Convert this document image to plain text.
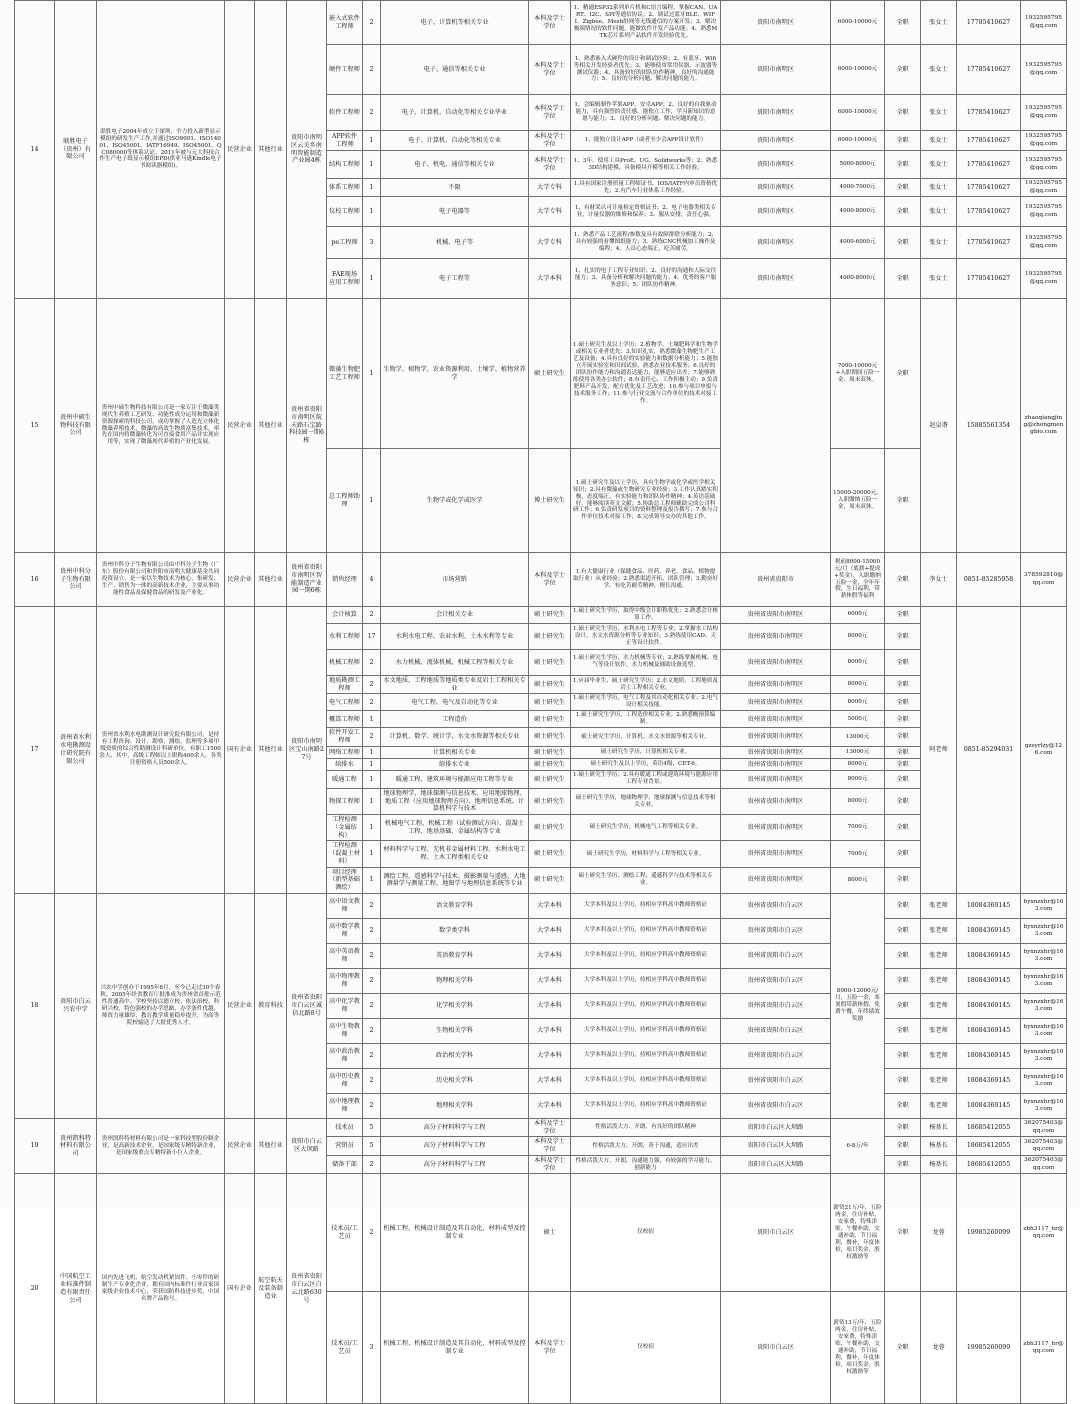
14	联胜电子（贵州）有限公司	联胜电子2004年成立于深圳，全力投入新型显示模组的研发生产工作,并通过ISO9001、ISO14001、ISO45001、IATF16949、ISO45001、QC080000等体系认证。2011年被与元大科技合作生产电子纸显示模组EPD(供亚马逊Kindle电子书阅读器模组)。	民营企业	其他行业	贵阳市南明区云关乡南明智能制造产业园4栋	嵌入式软件工程师	2	电子、计算机等相关专业	本科及学士学位	1、精通ESP32系列单片机和C语言编程，掌握CAN、UART、I2C、SPI等通信协议；2、调试过蓝牙BLE、WIFI、Zigbee、Mesh组网等无线通信的方案开发；3、解决极端情况的软件问题，能做软件开发产品功能；4、熟悉MTK芯片系列产品软件开发经验优先。	贵阳市南明区	6000-10000元	全职	张女士	17785410627	1932595795@qq.com
						硬件工程师	2	电子、通信等相关专业	本科及学士学位	1、熟悉嵌入式硬件的设计和调试经验；2、有蓝牙、Wifi等相关开发经验者优先；3、能够使用常用仪器，示波器等测试仪器；4、具备较好的团队协作精神，良好的沟通能力；5、良好的分析问题、解决问题的能力。	贵阳市南明区	6000-10000元	全职	张女士	17785410627	1932595795@qq.com
						软件工程师	2	电子、计算机、自动化等相关专业毕业	本科及学士学位	1、会编辑制作苹果APP、安卓APP；2、良好的自我驱动能力，具有强烈的责任感，能独立工作，学习新知识的意愿与能力；3、良好的分析问题、解决问题的能力。	贵阳市南明区	6000-10000元	全职	张女士	17785410627	1932595795@qq.com
						APP软件工程师	1	电子、计算机、自动化等相关专业	本科及学士学位	1、能独立设计APP（或者至少会APP设计软件）	贵阳市南明区	6000-10000元	全职	张女士	17785410627	1932595795@qq.com
						结构工程师	1	电子、机电、通信等相关专业	本科及学士学位	1、3年、使用工具ProE、UG、Solidworks等；2、熟悉3D结构建模，具备模具开模等相关工作经验。	贵阳市南明区	5000-8000元	全职	张女士	17785410627	1932595795@qq.com
						体系工程师	1	不限	大学专科	1.具有国家注册质量工程师证书、IOS/IATF内审员资格优先；2.有汽车行业体系工作经验。	贵阳市南明区	4000-7000元	全职	张女士	17785410627	1932595795@qq.com
						仪校工程师	1	电子电器等	大学专科	1、有财采认可计量检定资格证书；2、电子电器类相关专业，计量仪器的维修和保养；3、服从安排，责任心强。	贵阳市南明区	4000-8000元	全职	张女士	17785410627	1932595795@qq.com
						pe工程师	3	机械、电子等	大学专科	1、熟悉产品工艺流程/参数及具有故障排除分析能力；2、具有较强的看懂图纸能力；3、熟练CNC机械加工操作及编程；4、人员心态端正，吃苦耐劳。	贵阳市南明区	4000-6000元	全职	张女士	17785410627	1932595795@qq.com
						FAE现场应用工程师	1	电子工程等	大学本科	1、扎实的电子工程专业知识；2、良好的沟通和人际交往能力；3、具备分析和解决问题的能力；4、优秀的客户服务意识；5、团队协作精神。	贵阳市南明区	4000-8000元	全职	张女士	17785410627	1932595795@qq.com
15	贵州中硕生物科技有限公司	贵州中硕生物科技有限公司是一家专注于微藻类现代生养殖工艺研发、功能性成分运用和微藻新资源探索的科技公司。成功掌握了人造光立体化微藻养殖技术，微藻的高效生物质富集技术，率先在国内将微藻转化为可直接食用产品并实现应用等，实现了微藻现代养殖的产业化发展。	民营企业	其他行业	贵州省贵阳市南明区航天路石宝路科技园一期6栋	微藻生物肥工艺工程师	1	生物学、植物学、农业资源利用、土壤学、植物营养学	硕士研究生	1.硕士研究生及以上学历；2.植物学、土壤肥料学和生物学或相关专业者优先；3.知识扎实，熟悉微藻生物肥生产工艺及设备；4.具有良好的实验能力和数据分析能力；5.能独立开展实验室和田间试验，熟悉农业技术服务；6.良好的团队协作能力和沟通表达能力，能够适应出差；7.能够熟练使用各类办公软件；8.有责任心，工作积极主动；9.负责肥料产品开发、配方优化及工艺改进；10.参与项目申报与技术服务工作；11.参与行业交流与合作单位的技术对接工作。		7000-10000元+入职期间五险一金、周末双休。	全职	赵皇谐	15885561354	zhaoqiangjing@zhongmengbio.com
						总工程师助理	1	生物学或化学或医学	博士研究生	1.硕士研究生及以上学历，具有生物学或化学或医学相关知识；2.具有微藻或生物研究专业经验；3.工作认真踏实积极，态度端正，有实验能力和团队协作精神；4.英语基础好，能够阅读英文文献；5.协助总工程师辅助完成公司科研工作；6.负责研发项目的资料整理及报告撰写；7.参与合作单位技术对接工作；8.完成领导交办的其他工作。		15000-20000元，入职缴纳五险一金，周末双休。	全职			
16	贵州中科分子生物有限公司	贵州中科分子生物有限公司由中科分子生物（广东）股份有限公司和贵阳市南明大健康基金共同投资设立，是一家以生物技术为核心，集研发、生产、销售为一体的高新技术企业，主要从事功能性食品及保健食品的研发及产业化。	民营企业	其他行业	贵州省贵阳市南明区智能制造产业园一期6栋	销售经理	4	市场营销	本科及学士学位	1.有大健康行业（保健食品、医药、养老、食品、植物提取行业）从业经验；2.熟悉渠道开拓、团队管理；3.勤奋好学，有吃苦耐劳精神，擅长沟通。	贵州省贵阳市	税前8000-15000元/月（底薪+提成+奖金），入职缴纳五险一金，全年年假，生日福利，带薪休假等福利	全职	李女士	0851-85285958	378592810@qq.com
17	贵州省水利水电勘测设计研究院有限公司	贵州省水利水电勘测设计研究院有限公司，是持有工程咨询、设计、勘察、测绘、监理等多项甲级资质的综合性勘测设计科研单位，有职工1500余人，其中，高级工程师以上职称400余人，各类注册资格人员500余人。	国有企业	其他行业	贵阳市南明区宝山南路27号	会计核算	2	会计相关专业	硕士研究生	1.硕士研究生学历，取得中级会计职称优先；2.熟悉会计核算工作。	贵州省贵阳市南明区	6000元	全职	阿老师	0851-85294031	gzsyrlzy@126.com
						水利工程师	17	水利水电工程、农业水利、土木水利等专业	硕士研究生	1.硕士研究生学历，水利水电工程等专业；2.掌握水工结构设计、水文水资源分析等专业知识；3.熟练使用CAD、天正等设计软件。	贵州省贵阳市南明区	8000元	全职			
						机械工程师	2	水力机械、流体机械、机械工程等相关专业	硕士研究生	1.硕士研究生学历，水力机械等专业；2.熟练掌握机械、电气等设计软件，水力机械及辅助设备选型。	贵州省贵阳市南明区	8000元	全职			
						地质勘测工程师	2	水文地质、工程地质等地质类专业及岩土工程相关专业	硕士研究生	1.应届毕业生，硕士研究生学历；2.水文地质、工程地质及岩土工程相关专业。	贵州省贵阳市南明区	8000元	全职			
						电气工程师	2	电气工程、电气及自动化等专业	硕士研究生	1.硕士研究生学历，电气工程及其自动化相关专业；2.电气设计相关技能。	贵州省贵阳市南明区	8000元	全职			
						概算工程师	1	工程造价	硕士研究生	1.硕士研究生学历，工程造价相关专业；2.熟悉概预算编制。	贵州省贵阳市南明区	5000元	全职			
						软件开发工程师	2	计算机、数学、统计学、水文水资源等相关专业	硕士研究生	硕士研究生学历，计算机、水文水资源等相关专业。	贵州省贵阳市南明区	13000元	全职			
						网络工程师	1	计算机相关专业	硕士研究生	硕士研究生学历，计算机相关专业。	贵州省贵阳市南明区	13000元	全职			
						给排水	1	给排水专业	硕士研究生	硕士研究生及以上学历，英语4级，CET-6。	贵州省贵阳市南明区	8000元	全职			
						暖通工程	1	暖通工程、建筑环境与能源应用工程等专业	硕士研究生	1.硕士研究生学历；2.具有暖通工程或建筑环境与能源应用工程专业背景。	贵州省贵阳市南明区	8000元	全职			
						物探工程师	1	地球物理学、地球探测与信息技术、应用地球物理、地质工程（应用地球物理方向）、地理信息系统、计算机科学与技术	硕士研究生	硕士研究生学历，地球物理学、地球探测与信息技术等相关专业。	贵州省贵阳市南明区	8000元	全职			
						工程检测（金属结构）	1	机械电气工程、机械工程（试验测试方向）、混凝土工程、地基基础、金属结构等专业	硕士研究生	硕士研究生学历，机械电气工程等相关专业。	贵州省贵阳市南明区	7000元	全职			
						工程检测（混凝土材料）	1	材料科学与工程、无机非金属材料工程、水利水电工程、土木工程类相关专业	硕士研究生	硕士研究生学历，材料科学与工程等相关专业。	贵州省贵阳市南明区	7000元	全职			
						项目经理（新型基础测绘）	1	测绘工程、遥感科学与技术、摄影测量与遥感、大地测量学与测量工程、地图学与地理信息系统等专业	硕士研究生	硕士研究生学历，测绘工程、遥感科学与技术等相关专业。	贵州省贵阳市南明区	8000元	全职			
18	贵阳市白云兴农中学	兴农中学创办于1995年8月，至今已走过30个春秋。2005年经省教育厅批准成为贵州省首批示范性普通高中。学校坚持以德立校、依法治校、科研兴校、特色强校的办学思路，办学条件优越，师资力量雄厚，教育教学质量稳步提升，为高等院校输送了大批优秀人才。	民营企业	教育科技	贵州省贵阳市白云区诚信北路8号	高中语文教师	2	语文教育学科	大学本科	大学本科及以上学历，持相应学科高中教师资格证	贵州省贵阳市白云区	8000-12000元/月，五险一金，寒暑假带薪休假，免费午餐，年终绩效奖励	全职	张老师	18084369145	byxnzxhr@163.com
						高中数学教师	2	数学类学科	大学本科	大学本科及以上学历，持相应学科高中教师资格证	贵州省贵阳市白云区		全职	张老师	18084369145	byxnzxhr@163.com
						高中英语教师	2	英语教育学科	大学本科	大学本科及以上学历，持相应学科高中教师资格证	贵州省贵阳市白云区		全职	张老师	18084369145	byxnzxhr@163.com
						高中物理教师	2	物理相关学科	大学本科	大学本科及以上学历，持相应学科高中教师资格证	贵州省贵阳市白云区		全职	张老师	18084369145	byxnzxhr@163.com
						高中化学教师	2	化学相关学科	大学本科	大学本科及以上学历，持相应学科高中教师资格证	贵州省贵阳市白云区		全职	张老师	18084369145	byxnzxhr@163.com
						高中生物教师	2	生物相关学科	大学本科	大学本科及以上学历，持相应学科高中教师资格证	贵州省贵阳市白云区		全职	张老师	18084369145	byxnzxhr@163.com
						高中政治教师	2	政治相关学科	大学本科	大学本科及以上学历，持相应学科高中教师资格证	贵州省贵阳市白云区		全职	张老师	18084369145	byxnzxhr@163.com
						高中历史教师	2	历史相关学科	大学本科	大学本科及以上学历，持相应学科高中教师资格证	贵州省贵阳市白云区		全职	张老师	18084369145	byxnzxhr@163.com
						高中地理教师	2	地理相关学科	大学本科	大学本科及以上学历，持相应学科高中教师资格证	贵州省贵阳市白云区		全职	张老师	18084369145	byxnzxhr@163.com
19	贵州凯科特材料有限公司	贵州凯科特材料有限公司是一家科技型股份制企业，是高新技术企业，是国家级专精特新企业，是国家级重点专精特新小巨人企业。	民营企业	其他行业	贵阳市白云区大坝路	技术员	5	高分子材料科学与工程	本科及学士学位	性格活泼大方、开朗、有良好的团队精神	贵阳市白云区大坝路	6-8万/年	全职	杨基长	18685412055	362075403@qq.com
						营销员	5	高分子材料科学与工程	本科及学士学位	性格活泼大方，开朗，善于沟通，适应出差	贵阳市白云区大坝路		全职	杨基长	18685412055	362075403@qq.com
						储备干部	2	高分子材料科学与工程	本科及学士学位	性格活泼大方，开朗，沟通能力强，有较强的学习能力、创新能力	贵阳市白云区大坝路		全职	杨基长	18685412055	362075403@qq.com
20	中国航空工业标准件制造有限责任公司	国内先进飞机、航空发动机紧固件、小零件的研制生产专业化企业，拥有国内标准件行业首家国家级企业技术中心，荣获国防科技进步奖、中国名牌产品称号。	国有企业	航空航天及装备制造业	贵州省贵阳市白云区白云北路630号	技术员/工艺员	2	机械工程、机械设计制造及其自动化、材料成型及控制专业	硕士	仅校招	贵阳市白云区	薪资21万/年，五险两金，住房补贴，安家费，特殊津贴，午餐补助，交通补助，节日福利，餐补，年度体检，项目奖金，股权激励等	全职	龙蓉	19985260099	zbh3117_hr@qq.com
						技术员/工艺员	3	机械工程、机械设计制造及其自动化、材料成型及控制专业	本科及学士学位	仅校招	贵阳市白云区	薪资13万/年，五险两金，住房补贴，安家费，特殊津贴，午餐补助，交通补助，节日福利，餐补，年度体检，项目奖金，股权激励等	全职	龙蓉	19985260099	zbh3117_hr@qq.com
